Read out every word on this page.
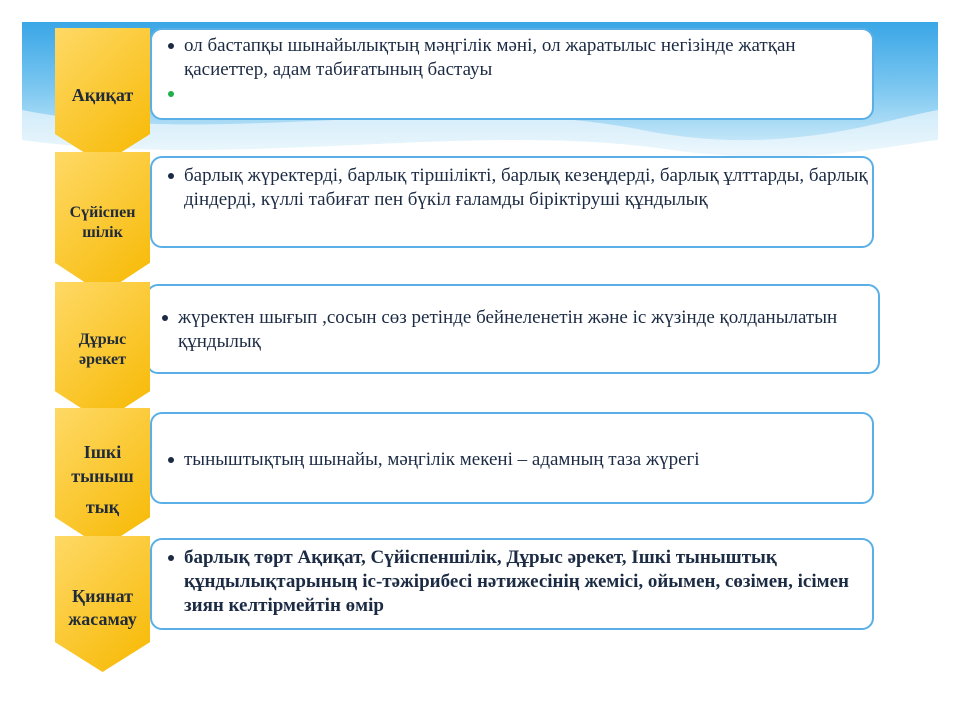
Ақиқат
ол бастапқы шынайылықтың мәңгілік мәні, ол жаратылыс негізінде жатқан қасиеттер, адам табиғатының бастауы
Сүйіспен
шілік
барлық жүректерді, барлық тіршілікті, барлық кезеңдерді, барлық ұлттарды, барлық діндерді, күллі табиғат пен бүкіл ғаламды біріктіруші құндылық
Дұрыс
әрекет
жүректен шығып ,сосын сөз ретінде бейнеленетін және іс жүзінде қолданылатын құндылық
Ішкі
тыныш
тық
тыныштықтың шынайы, мәңгілік мекені – адамның таза жүрегі
Қиянат
жасамау
барлық төрт Ақиқат, Сүйіспеншілік, Дұрыс әрекет, Ішкі тыныштық құндылықтарының іс-тәжірибесі нәтижесінің жемісі, ойымен, сөзімен, ісімен зиян келтірмейтін өмір
